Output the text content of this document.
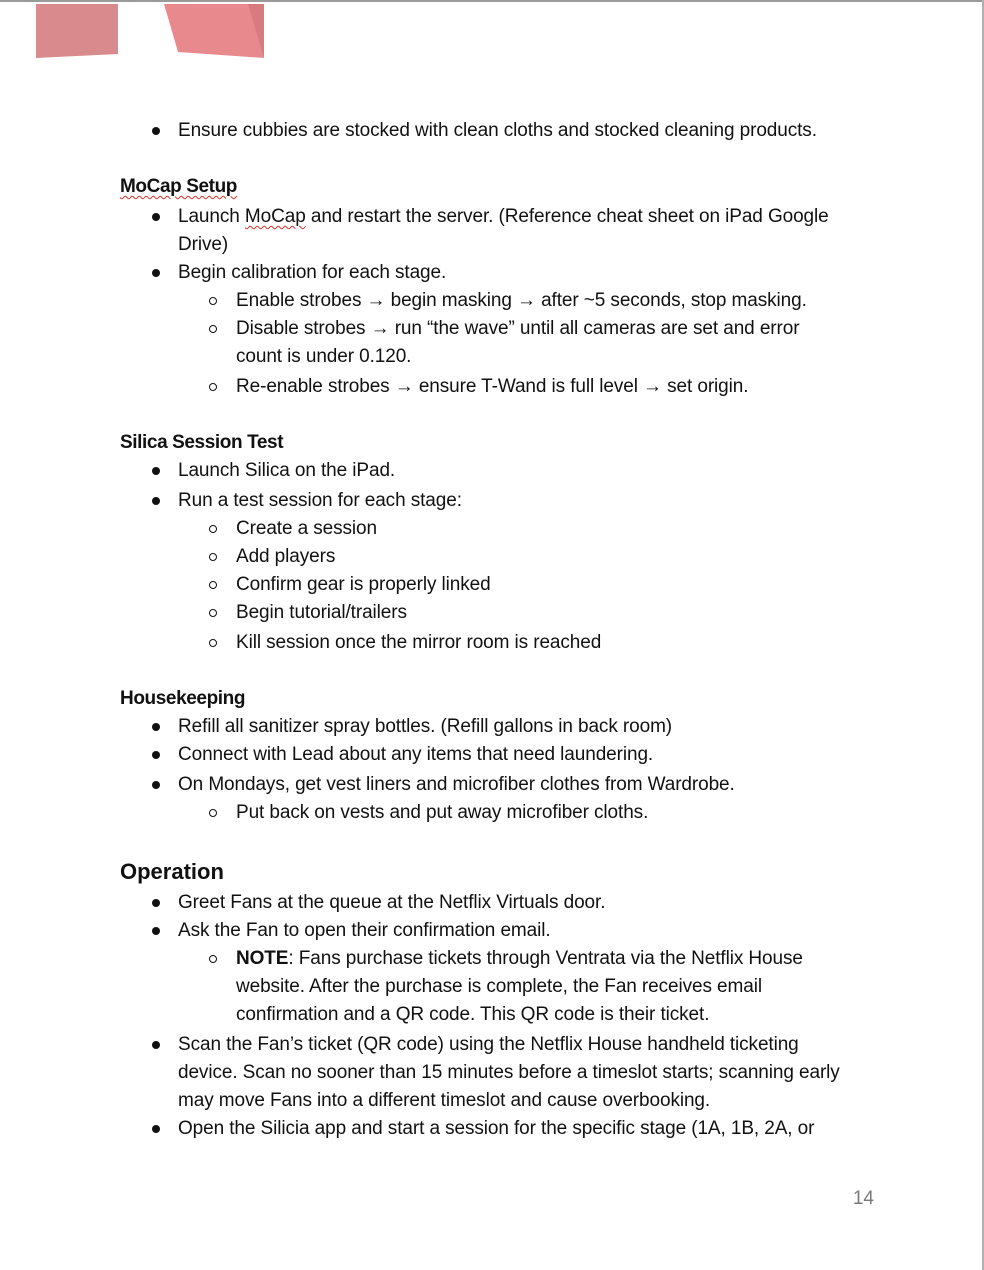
Ensure cubbies are stocked with clean cloths and stocked cleaning products.
MoCap Setup
Launch MoCap and restart the server. (Reference cheat sheet on iPad Google
Drive)
Begin calibration for each stage.
Enable strobes → begin masking → after ~5 seconds, stop masking.
Disable strobes → run “the wave” until all cameras are set and error
count is under 0.120.
Re-enable strobes → ensure T-Wand is full level → set origin.
Silica Session Test
Launch Silica on the iPad.
Run a test session for each stage:
Create a session
Add players
Confirm gear is properly linked
Begin tutorial/trailers
Kill session once the mirror room is reached
Housekeeping
Refill all sanitizer spray bottles. (Refill gallons in back room)
Connect with Lead about any items that need laundering.
On Mondays, get vest liners and microfiber clothes from Wardrobe.
Put back on vests and put away microfiber cloths.
Operation
Greet Fans at the queue at the Netflix Virtuals door.
Ask the Fan to open their confirmation email.
NOTE: Fans purchase tickets through Ventrata via the Netflix House
website. After the purchase is complete, the Fan receives email
confirmation and a QR code. This QR code is their ticket.
Scan the Fan’s ticket (QR code) using the Netflix House handheld ticketing
device. Scan no sooner than 15 minutes before a timeslot starts; scanning early
may move Fans into a different timeslot and cause overbooking.
Open the Silicia app and start a session for the specific stage (1A, 1B, 2A, or
14
